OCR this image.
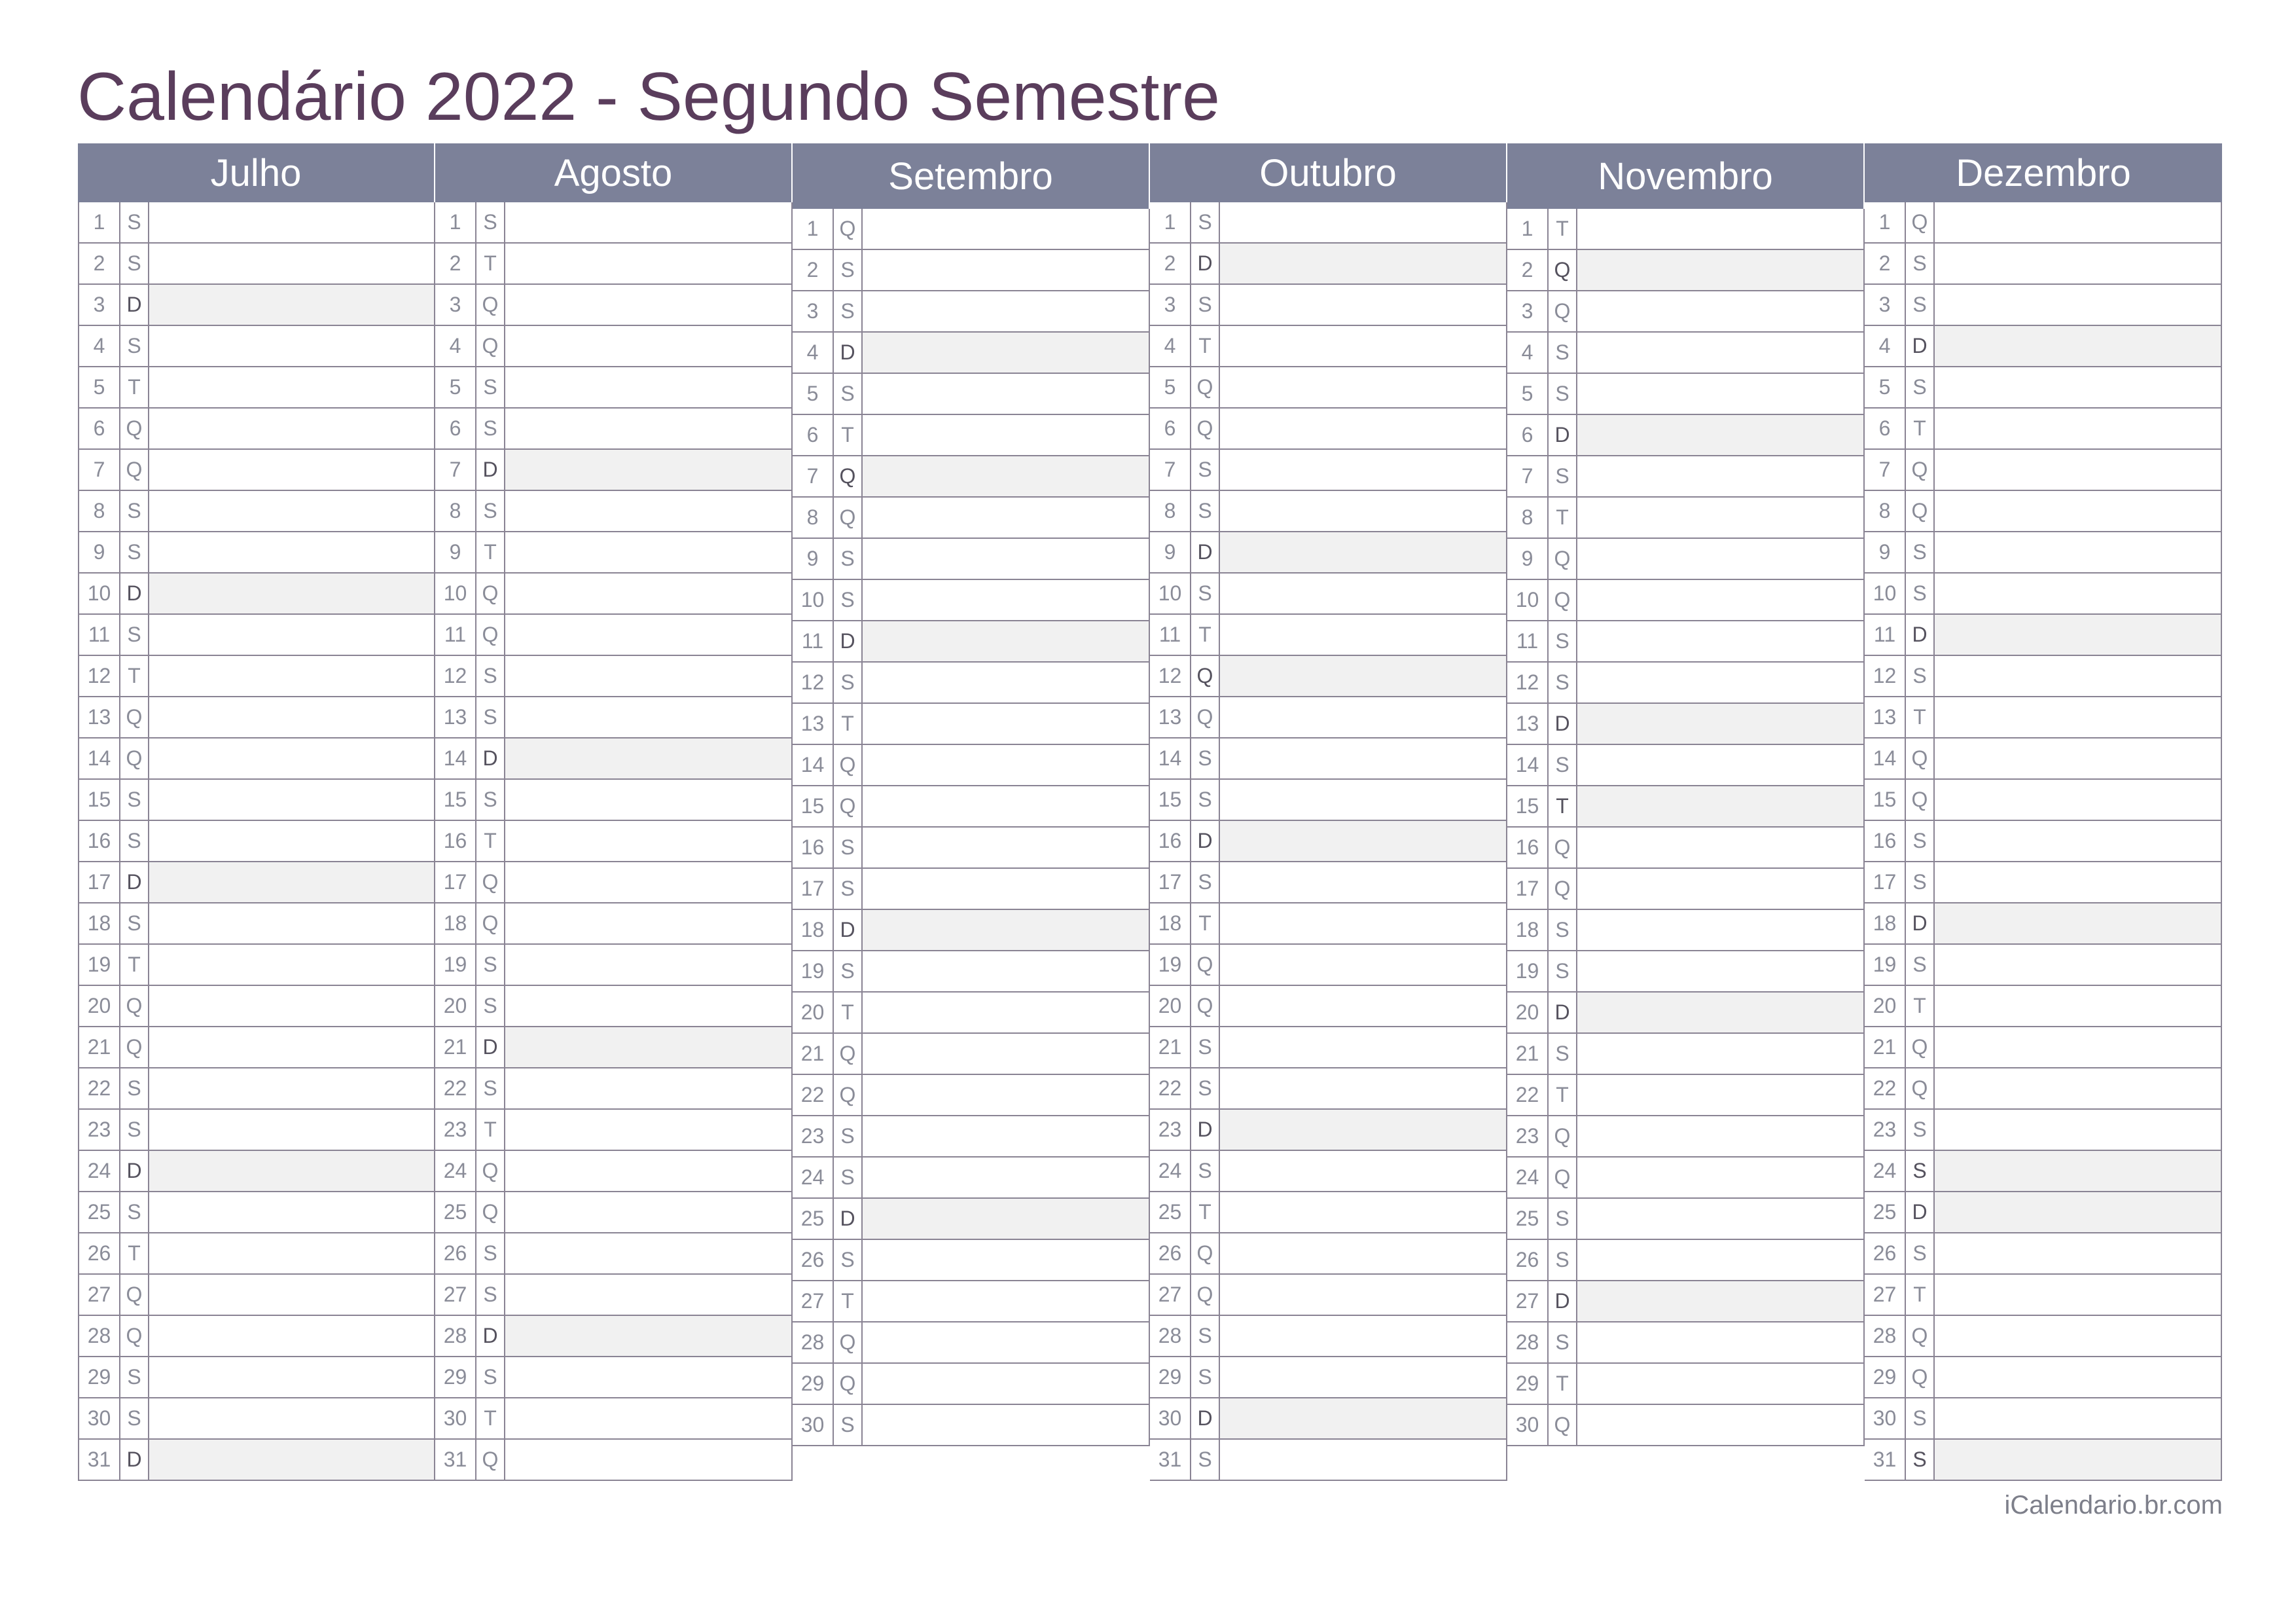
Calendário 2022 - Segundo Semestre
Julho
1	S
2	S
3	D
4	S
5	T
6	Q
7	Q
8	S
9	S
10 D
11 S
12 T
13 Q
14 Q
15 S
16 S
17 D
18 S
19 T
20 Q
21 Q
22 S
23 S
24 D
25 S
26 T
27 Q
28 Q
29 S
30 S
31 D
Agosto
1	S
2	T
3	Q
4	Q
5	S
6	S
7	D
8	S
9	T
10 Q
11 Q
12 S
13 S
14 D
15 S
16 T
17 Q
18 Q
19 S
20 S
21 D
22 S
23 T
24 Q
25 Q
26 S
27 S
28 D
29 S
30 T
31 Q
Setembro
1	Q
2	S
3	S
4	D
5	S
6	T
7	Q
8	Q
9	S
10 S
11 D
12 S
13 T
14 Q
15 Q
16 S
17 S
18 D
19 S
20 T
21 Q
22 Q
23 S
24 S
25 D
26 S
27 T
28 Q
29 Q
30 S
Outubro
1	S
2	D
3	S
4	T
5	Q
6	Q
7	S
8	S
9	D
10 S
11 T
12 Q
13 Q
14 S
15 S
16 D
17 S
18 T
19 Q
20 Q
21 S
22 S
23 D
24 S
25 T
26 Q
27 Q
28 S
29 S
30 D
31 S
Novembro
1	T
2	Q
3	Q
4	S
5	S
6	D
7	S
8	T
9	Q
10 Q
11 S
12 S
13 D
14 S
15 T
16 Q
17 Q
18 S
19 S
20 D
21 S
22 T
23 Q
24 Q
25 S
26 S
27 D
28 S
29 T
30 Q
Dezembro
1	Q
2	S
3	S
4	D
5	S
6	T
7	Q
8	Q
9	S
10 S
11 D
12 S
13 T
14 Q
15 Q
16 S
17 S
18 D
19 S
20 T
21 Q
22 Q
23 S
24 S
25 D
26 S
27 T
28 Q
29 Q
30 S
31 S
iCalendario.br.com
